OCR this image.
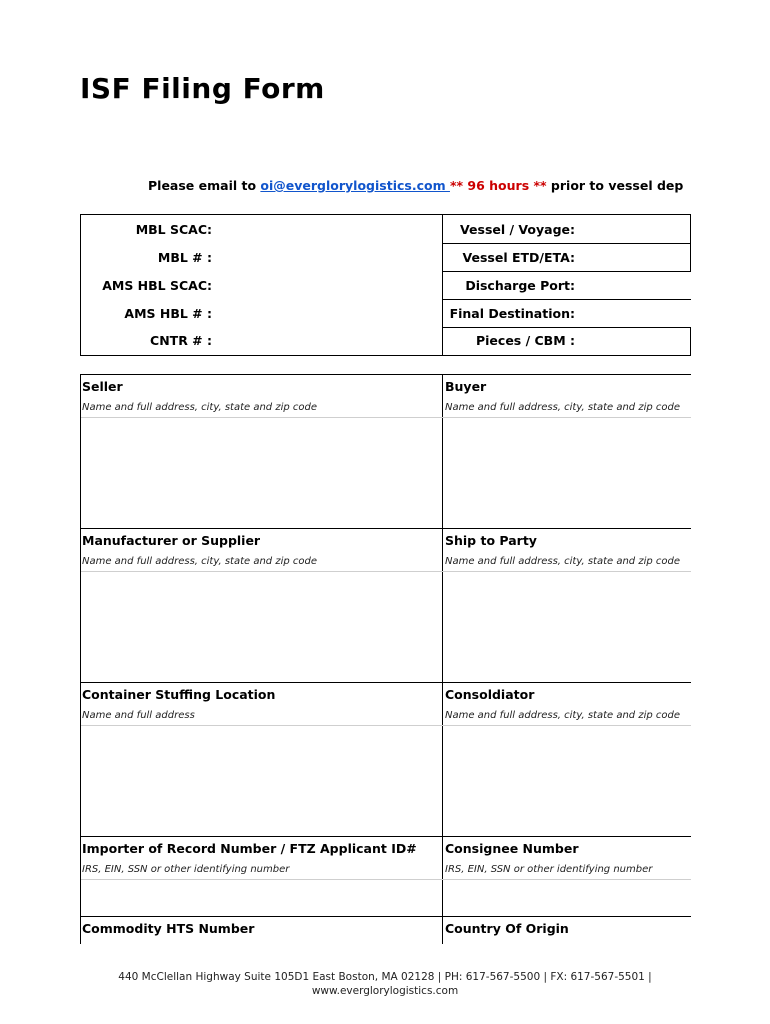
ISF Filing Form
Please email to oi@everglorylogistics.com ** 96 hours ** prior to vessel dep
MBL SCAC:
MBL # :
AMS HBL SCAC:
AMS HBL # :
CNTR # :
Vessel / Voyage:
Vessel ETD/ETA:
Discharge Port:
Final Destination:
Pieces / CBM :
Seller
Name and full address, city, state and zip code
Buyer
Name and full address, city, state and zip code
Manufacturer or Supplier
Name and full address, city, state and zip code
Ship to Party
Name and full address, city, state and zip code
Container Stuffing Location
Name and full address
Consoldiator
Name and full address, city, state and zip code
Importer of Record Number / FTZ Applicant ID#
IRS, EIN, SSN or other identifying number
Consignee Number
IRS, EIN, SSN or other identifying number
Commodity HTS Number	Country Of Origin
440 McClellan Highway Suite 105D1 East Boston, MA 02128 | PH: 617-567-5500 | FX: 617-567-5501 |
www.everglorylogistics.com
